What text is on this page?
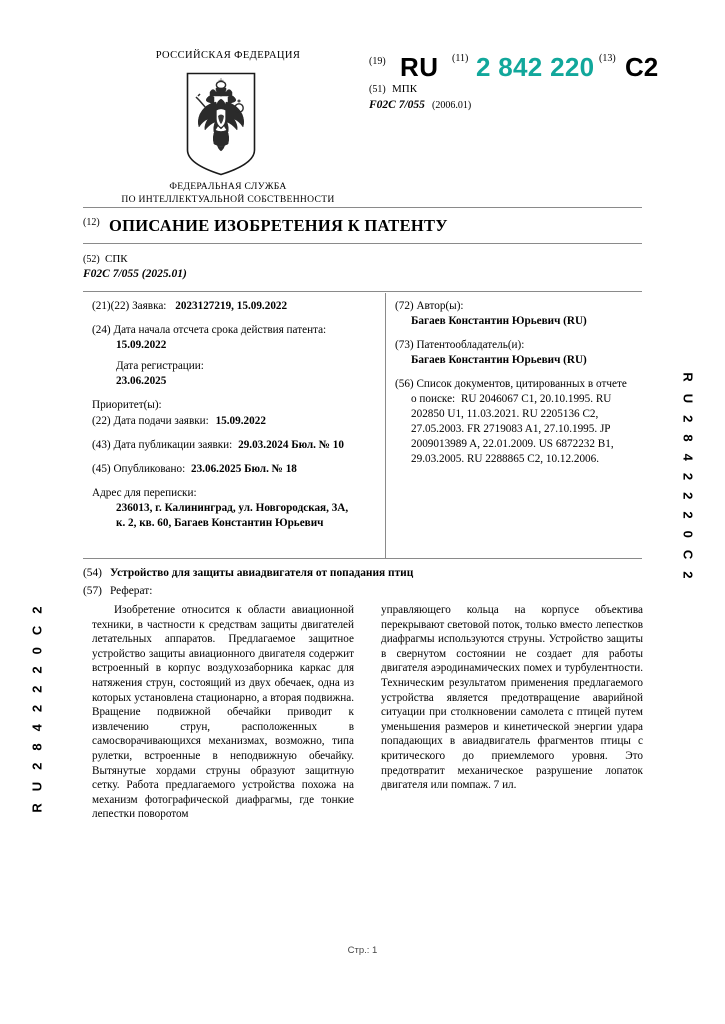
R U 2 8 4 2 2 2 0 C 2
R U 2 8 4 2 2 2 0 C 2
РОССИЙСКАЯ ФЕДЕРАЦИЯ
ФЕДЕРАЛЬНАЯ СЛУЖБА
ПО ИНТЕЛЛЕКТУАЛЬНОЙ СОБСТВЕННОСТИ
(19) RU (11) 2 842 220 (13) C2
(51) МПК
F02C 7/055 (2006.01)
(12) ОПИСАНИЕ ИЗОБРЕТЕНИЯ К ПАТЕНТУ
(52) СПК
F02C 7/055 (2025.01)
(21)(22) Заявка: 2023127219, 15.09.2022
(24) Дата начала отсчета срока действия патента:
15.09.2022
Дата регистрации:
23.06.2025
Приоритет(ы):
(22) Дата подачи заявки: 15.09.2022
(43) Дата публикации заявки: 29.03.2024 Бюл. № 10
(45) Опубликовано: 23.06.2025 Бюл. № 18
Адрес для переписки:
236013, г. Калининград, ул. Новгородская, 3А,
к. 2, кв. 60, Багаев Константин Юрьевич
(72) Автор(ы):
Багаев Константин Юрьевич (RU)
(73) Патентообладатель(и):
Багаев Константин Юрьевич (RU)
(56) Список документов, цитированных в отчете
о поиске: RU 2046067 C1, 20.10.1995. RU 202850 U1, 11.03.2021. RU 2205136 C2, 27.05.2003. FR 2719083 A1, 27.10.1995. JP 2009013989 A, 22.01.2009. US 6872232 B1, 29.03.2005. RU 2288865 C2, 10.12.2006.
(54) Устройство для защиты авиадвигателя от попадания птиц
(57) Реферат:

Изобретение относится к области авиационной техники, в частности к средствам защиты двигателей летательных аппаратов. Предлагаемое защитное устройство защиты авиационного двигателя содержит встроенный в корпус воздухозаборника каркас для натяжения струн, состоящий из двух обечаек, одна из которых установлена стационарно, а вторая подвижна. Вращение подвижной обечайки приводит к извлечению струн, расположенных в самосворачивающихся механизмах, возможно, типа рулетки, встроенные в неподвижную обечайку. Вытянутые хордами струны образуют защитную сетку. Работа предлагаемого устройства похожа на механизм фотографической диафрагмы, где тонкие лепестки поворотом

управляющего кольца на корпусе объектива перекрывают световой поток, только вместо лепестков диафрагмы используются струны. Устройство защиты в свернутом состоянии не создает для работы двигателя аэродинамических помех и турбулентности. Техническим результатом применения предлагаемого устройства является предотвращение аварийной ситуации при столкновении самолета с птицей путем уменьшения размеров и кинетической энергии удара попадающих в авиадвигатель фрагментов птицы с критического до приемлемого уровня. Это предотвратит механическое разрушение лопаток двигателя или помпаж. 7 ил.

Стр.: 1
